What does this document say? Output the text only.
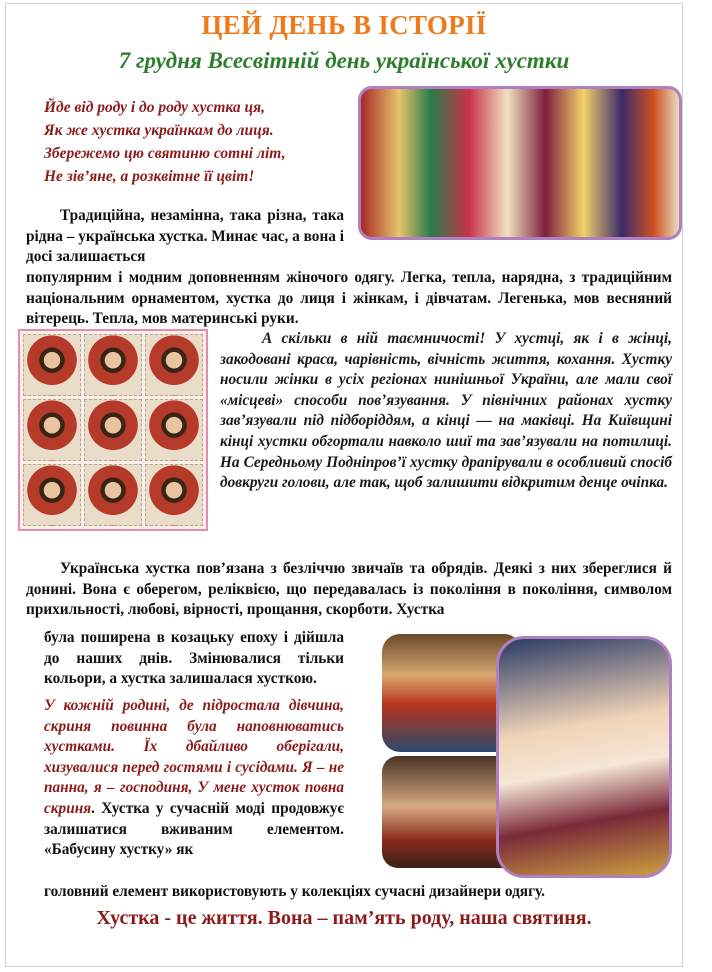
ЦЕЙ ДЕНЬ В ІСТОРІЇ
7 грудня Всесвітній день української хустки
Йде від роду і до роду хустка ця,
Як же хустка українкам до лиця.
Збережемо цю святиню сотні літ,
Не зів’яне, а розквітне її цвіт!

Традиційна, незамінна, така різна, така рідна – українська хустка. Минає час, а вона і досі залишається

популярним і модним доповненням жіночого одягу. Легка, тепла, нарядна, з традиційним національним орнаментом, хустка до лиця і жінкам, і дівчатам. Легенька, мов весняний вітерець. Тепла, мов материнські руки.

А скільки в ній таємничості! У хустці, як і в жінці, закодовані краса, чарівність, вічність життя, кохання. Хустку носили жінки в усіх регіонах нинішньої України, але мали свої «місцеві» способи пов’язування. У північних районах хустку зав’язували під підборіддям, а кінці — на маківці. На Київщині кінці хустки обгортали навколо шиї та зав’язували на потилиці. На Середньому Подніпров’ї хустку драпірували в особливий спосіб довкруги голови, але так, щоб залишити відкритим денце очіпка.

Українська хустка пов’язана з безліччю звичаїв та обрядів. Деякі з них збереглися й донині. Вона є оберегом, реліквією, що передавалась із покоління в покоління, символом прихильності, любові, вірності, прощання, скорботи. Хустка

була поширена в козацьку епоху і дійшла до наших днів. Змінювалися тільки кольори, а хустка залишалася хусткою.

У кожній родині, де підростала дівчина, скриня повинна була наповнюватись хустками. Їх дбайливо оберігали, хизувалися перед гостями і сусідами. Я – не панна, я – господиня, У мене хусток повна скриня. Хустка у сучасній моді продовжує залишатися вживаним елементом. «Бабусину хустку» як

головний елемент використовують у колекціях сучасні дизайнери одягу.

Хустка - це життя. Вона – пам’ять роду, наша святиня.
